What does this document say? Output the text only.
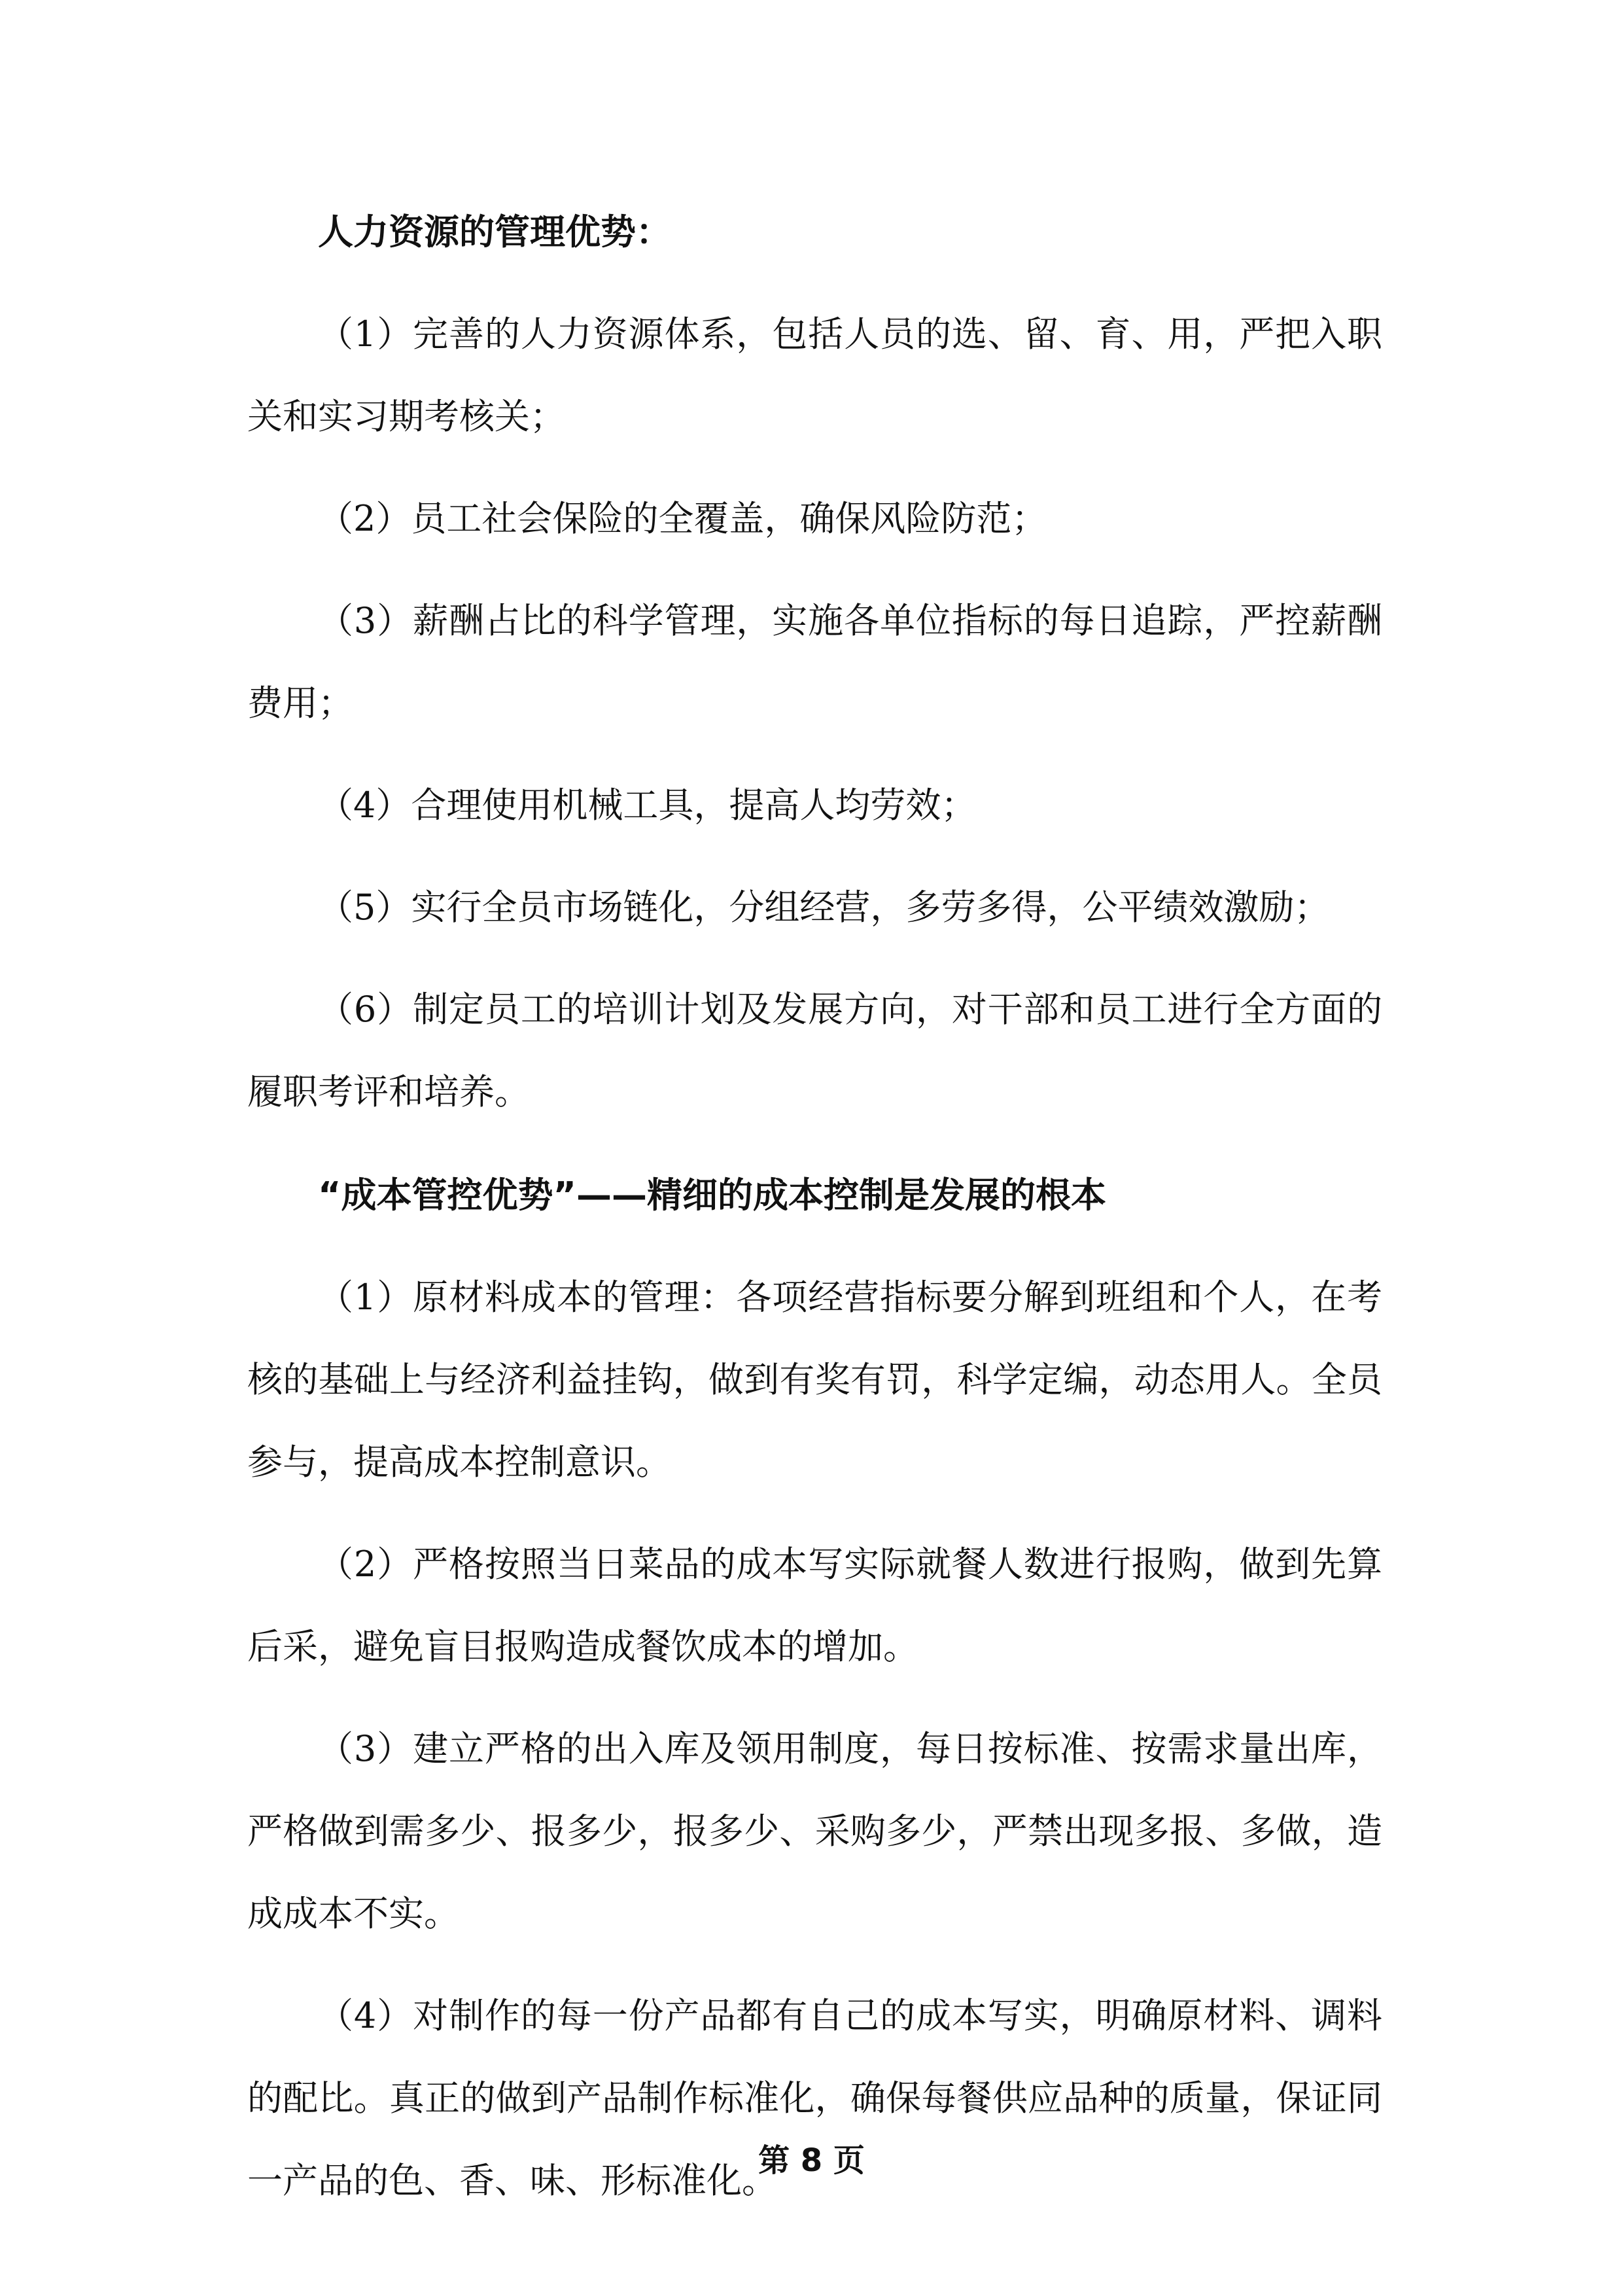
人力资源的管理优势：

（1）完善的人力资源体系，包括人员的选、留、育、用，严把入职关和实习期考核关；

（2）员工社会保险的全覆盖，确保风险防范；

（3）薪酬占比的科学管理，实施各单位指标的每日追踪，严控薪酬费用；

（4）合理使用机械工具，提高人均劳效；

（5）实行全员市场链化，分组经营，多劳多得，公平绩效激励；

（6）制定员工的培训计划及发展方向，对干部和员工进行全方面的履职考评和培养。

“成本管控优势”——精细的成本控制是发展的根本

（1）原材料成本的管理：各项经营指标要分解到班组和个人，在考核的基础上与经济利益挂钩，做到有奖有罚，科学定编，动态用人。全员参与，提高成本控制意识。

（2）严格按照当日菜品的成本写实际就餐人数进行报购，做到先算后采，避免盲目报购造成餐饮成本的增加。

（3）建立严格的出入库及领用制度，每日按标准、按需求量出库，严格做到需多少、报多少，报多少、采购多少，严禁出现多报、多做，造成成本不实。

（4）对制作的每一份产品都有自己的成本写实，明确原材料、调料的配比。真正的做到产品制作标准化，确保每餐供应品种的质量，保证同一产品的色、香、味、形标准化。

第 8 页
